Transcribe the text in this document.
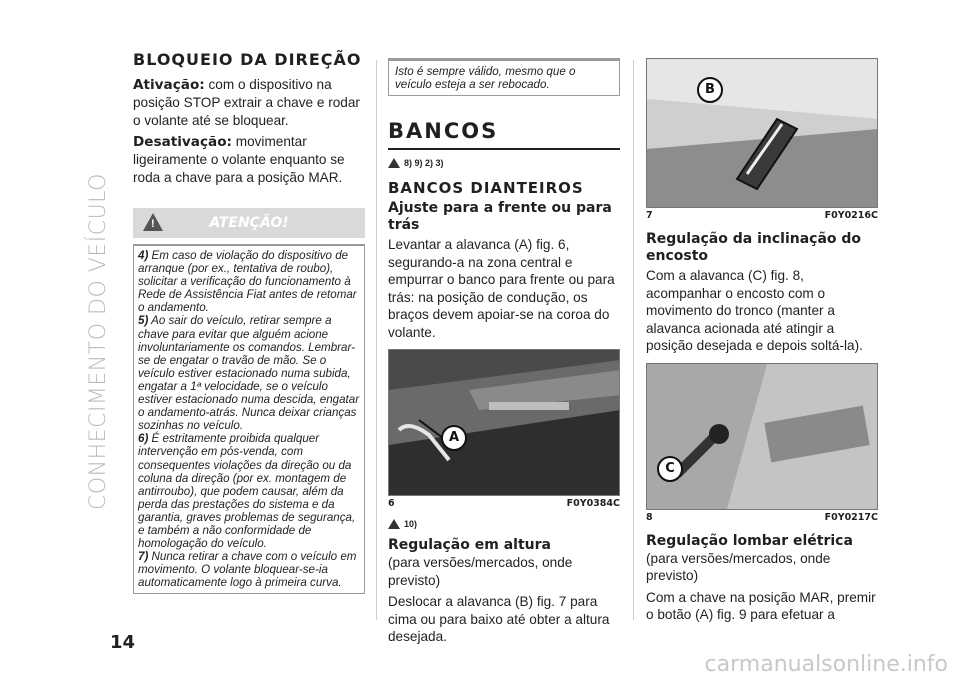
CONHECIMENTO DO VEÍCULO
BLOQUEIO DA DIREÇÃO

Ativação: com o dispositivo na posição STOP extrair a chave e rodar o volante até se bloquear.

Desativação: movimentar ligeiramente o volante enquanto se roda a chave para a posição MAR.

!	ATENÇÃO!

4) Em caso de violação do dispositivo de arranque (por ex., tentativa de roubo), solicitar a verificação do funcionamento à Rede de Assistência Fiat antes de retomar o andamento.

5) Ao sair do veículo, retirar sempre a chave para evitar que alguém acione involuntariamente os comandos. Lembrar-se de engatar o travão de mão. Se o veículo estiver estacionado numa subida, engatar a 1ª velocidade, se o veículo estiver estacionado numa descida, engatar o andamento-atrás. Nunca deixar crianças sozinhas no veículo.

6) É estritamente proibida qualquer intervenção em pós-venda, com consequentes violações da direção ou da coluna da direção (por ex. montagem de antirroubo), que podem causar, além da perda das prestações do sistema e da garantia, graves problemas de segurança, e também a não conformidade de homologação do veículo.

7) Nunca retirar a chave com o veículo em movimento. O volante bloquear-se-ia automaticamente logo à primeira curva.

Isto é sempre válido, mesmo que o veículo esteja a ser rebocado.

BANCOS
8) 9) 2) 3)
BANCOS DIANTEIROS
Ajuste para a frente ou para trás

Levantar a alavanca (A) fig. 6, segurando-a na zona central e empurrar o banco para frente ou para trás: na posição de condução, os braços devem apoiar-se na coroa do volante.

A
6	F0Y0384C
10)
Regulação em altura

(para versões/mercados, onde previsto)

Deslocar a alavanca (B) fig. 7 para cima ou para baixo até obter a altura desejada.

B
7	F0Y0216C
Regulação da inclinação do encosto

Com a alavanca (C) fig. 8, acompanhar o encosto com o movimento do tronco (manter a alavanca acionada até atingir a posição desejada e depois soltá-la).

C
8	F0Y0217C
Regulação lombar elétrica

(para versões/mercados, onde previsto)

Com a chave na posição MAR, premir o botão (A) fig. 9 para efetuar a

14
carmanualsonline.info
